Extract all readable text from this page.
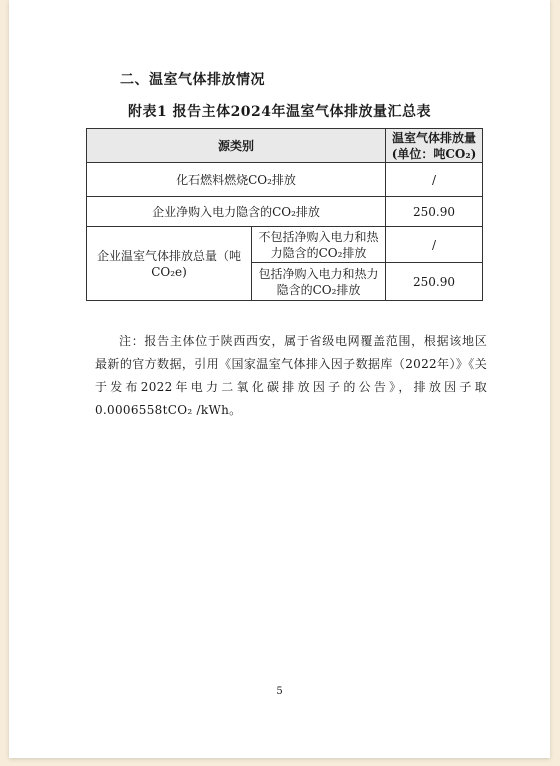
二、温室气体排放情况
附表1 报告主体2024年温室气体排放量汇总表
源类别		温室气体排放量
(单位：吨CO₂)

化石燃料燃烧CO₂排放		/
企业净购入电力隐含的CO₂排放		250.90
企业温室气体排放总量（吨CO₂e)	不包括净购入电力和热力隐含的CO₂排放	/
	包括净购入电力和热力隐含的CO₂排放	250.90
注：报告主体位于陕西西安，属于省级电网覆盖范围，根据该地区最新的官方数据，引用《国家温室气体排入因子数据库（2022年）》《关于发布2022年电力二氧化碳排放因子的公告》，排放因子取0.0006558tCO₂ /kWh。
5
